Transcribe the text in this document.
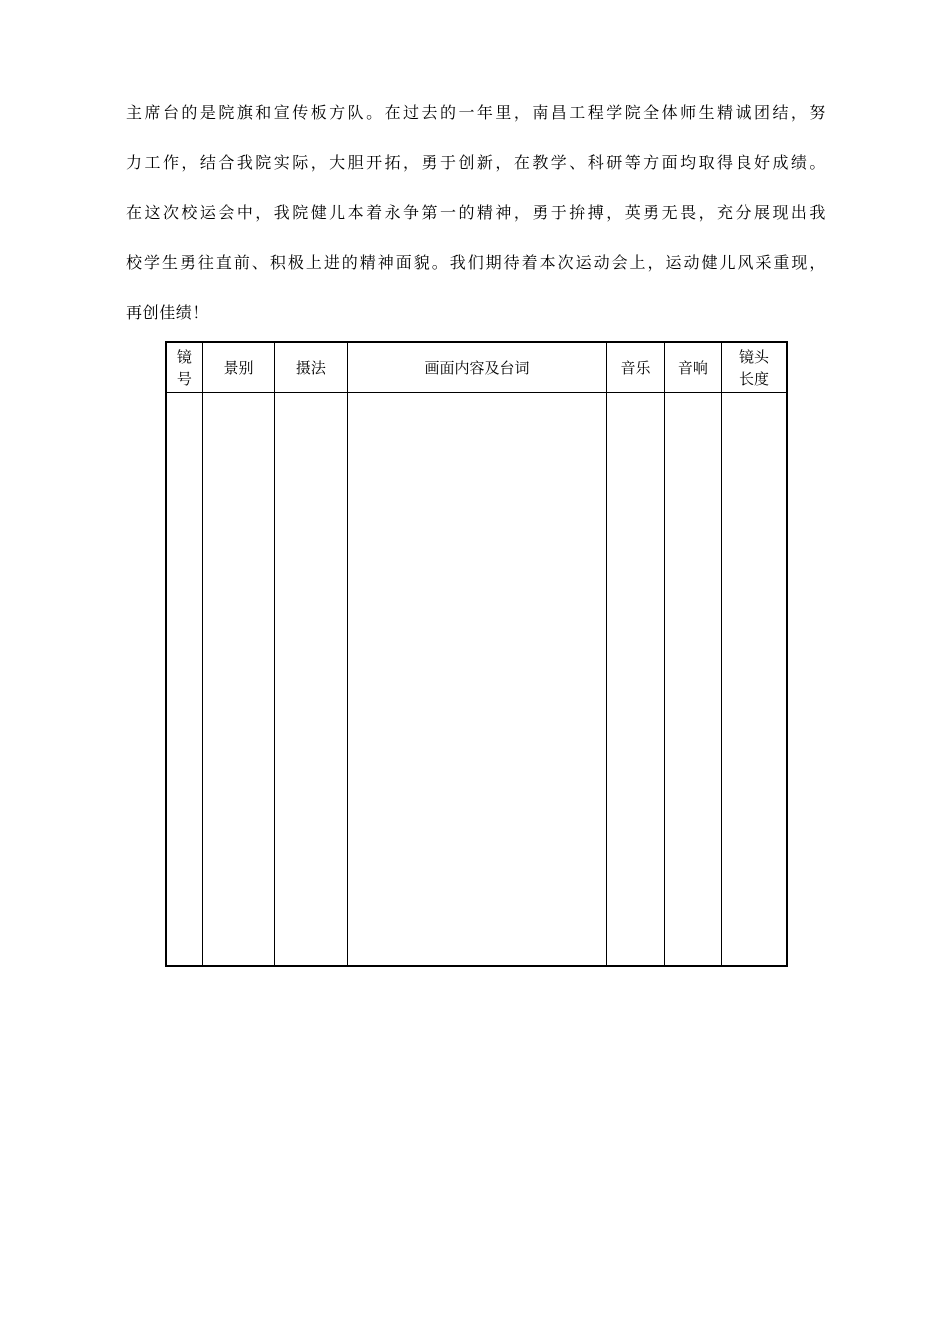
主席台的是院旗和宣传板方队。在过去的一年里，南昌工程学院全体师生精诚团结，努
力工作，结合我院实际，大胆开拓，勇于创新，在教学、科研等方面均取得良好成绩。
在这次校运会中，我院健儿本着永争第一的精神，勇于拚搏，英勇无畏，充分展现出我
校学生勇往直前、积极上进的精神面貌。我们期待着本次运动会上，运动健儿风采重现，
再创佳绩！
镜号	景别	摄法	画面内容及台词	音乐	音响	镜头长度
